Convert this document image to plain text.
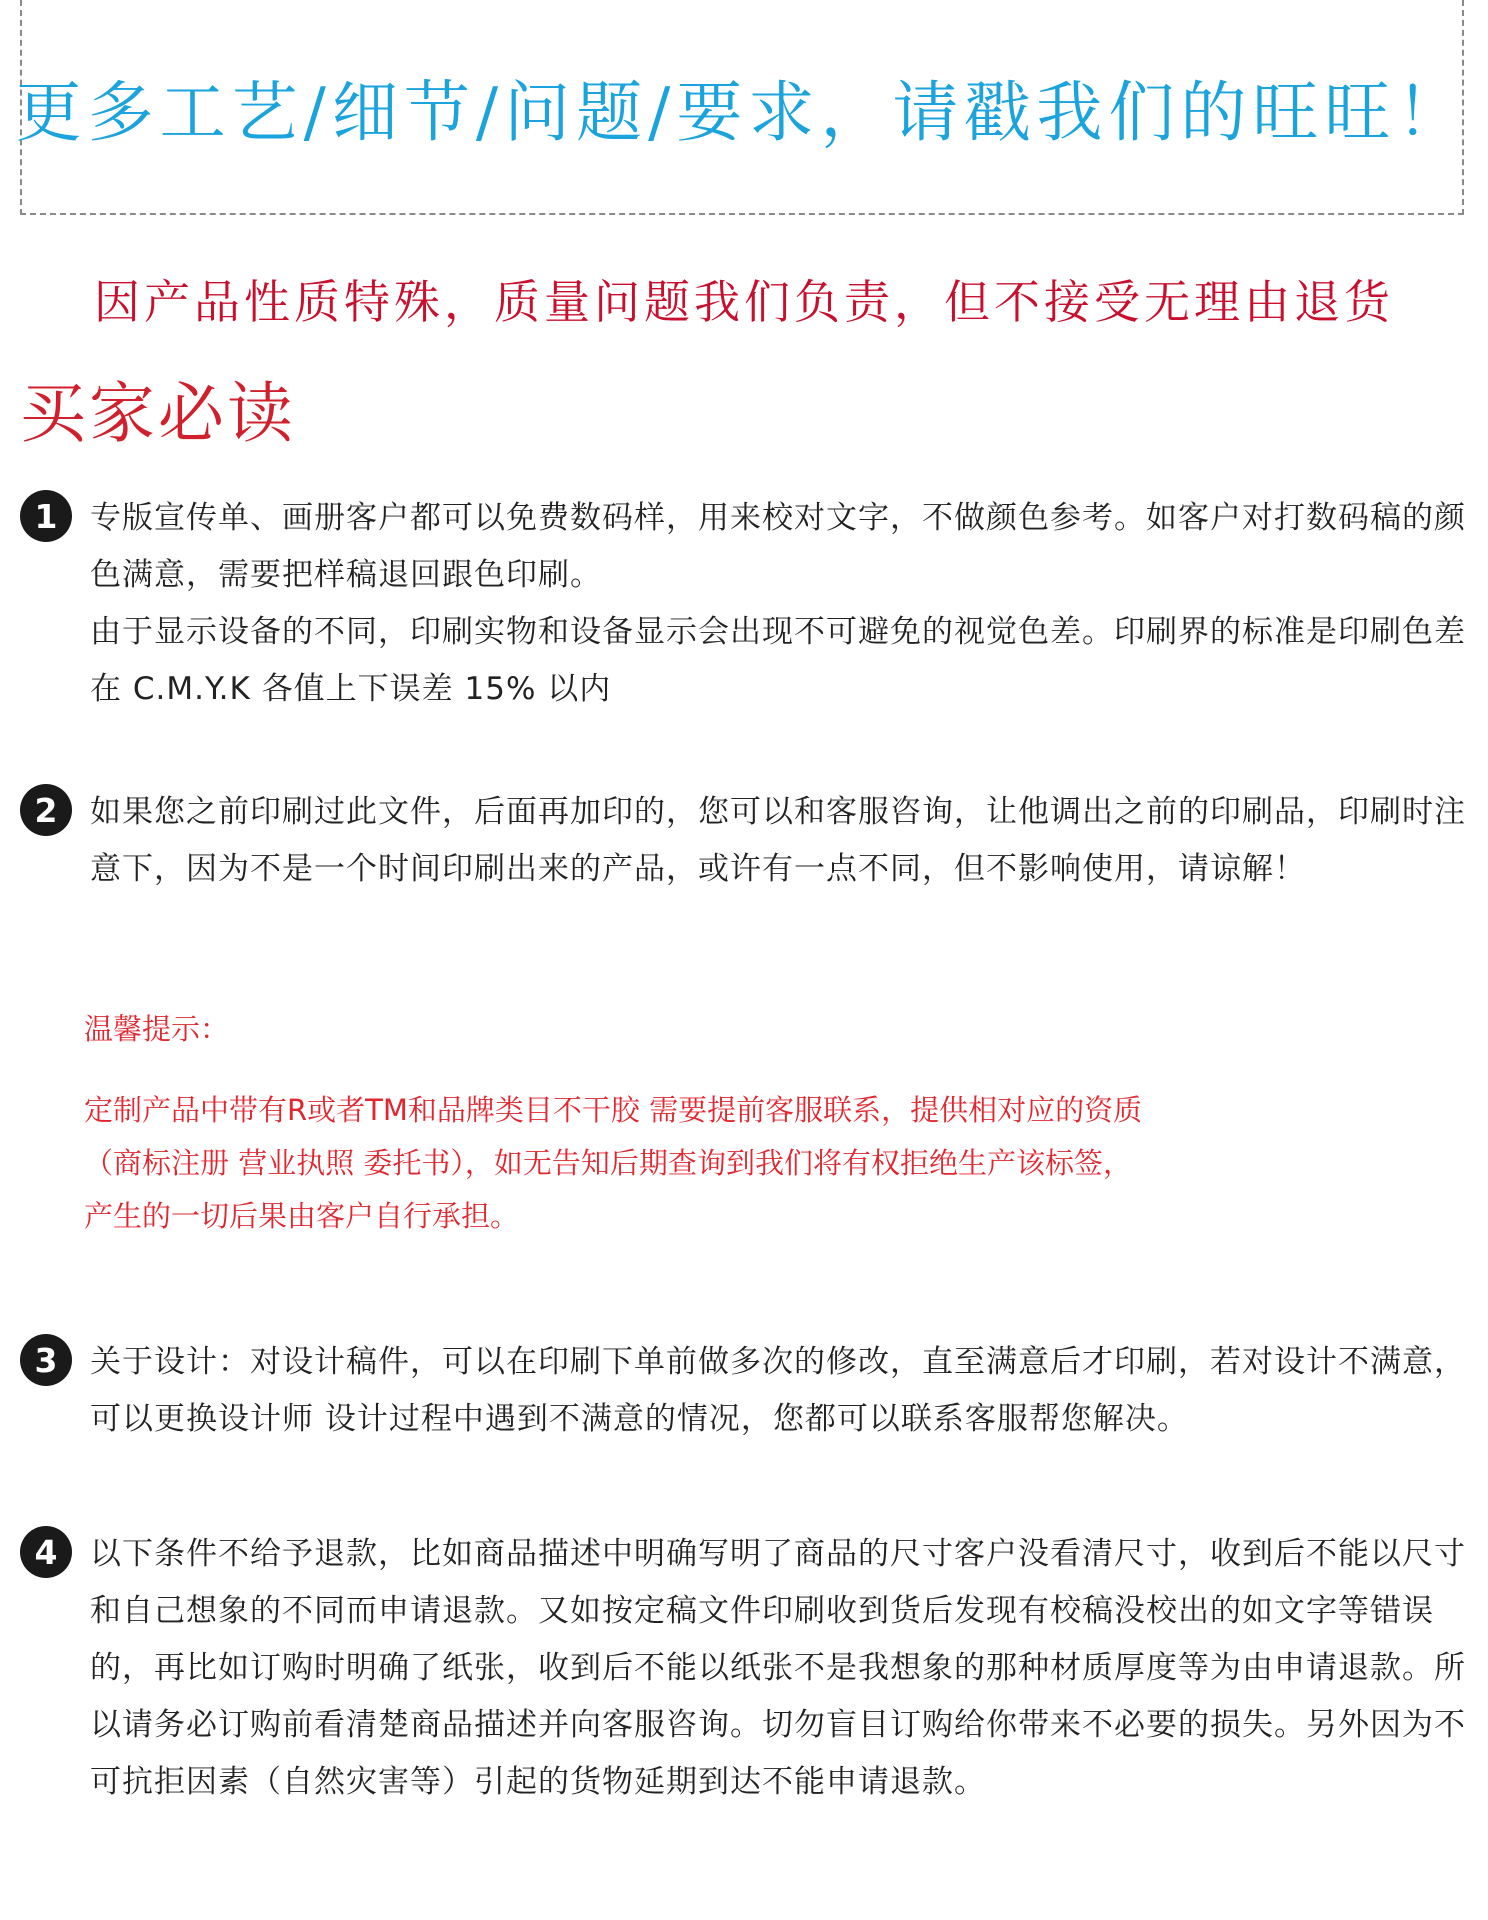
更多工艺/细节/问题/要求，请戳我们的旺旺！
因产品性质特殊，质量问题我们负责，但不接受无理由退货
买家必读
1	专版宣传单、画册客户都可以免费数码样，用来校对文字，不做颜色参考。如客户对打数码稿的颜色满意，需要把样稿退回跟色印刷。

由于显示设备的不同，印刷实物和设备显示会出现不可避免的视觉色差。印刷界的标准是印刷色差在 C.M.Y.K 各值上下误差 15% 以内

2	如果您之前印刷过此文件，后面再加印的，您可以和客服咨询，让他调出之前的印刷品，印刷时注意下，因为不是一个时间印刷出来的产品，或许有一点不同，但不影响使用，请谅解！

温馨提示：

定制产品中带有R或者TM和品牌类目不干胶 需要提前客服联系，提供相对应的资质

（商标注册 营业执照 委托书），如无告知后期查询到我们将有权拒绝生产该标签，

产生的一切后果由客户自行承担。

3	关于设计：对设计稿件，可以在印刷下单前做多次的修改，直至满意后才印刷，若对设计不满意，可以更换设计师 设计过程中遇到不满意的情况，您都可以联系客服帮您解决。

4	以下条件不给予退款，比如商品描述中明确写明了商品的尺寸客户没看清尺寸，收到后不能以尺寸和自己想象的不同而申请退款。又如按定稿文件印刷收到货后发现有校稿没校出的如文字等错误的，再比如订购时明确了纸张，收到后不能以纸张不是我想象的那种材质厚度等为由申请退款。所以请务必订购前看清楚商品描述并向客服咨询。切勿盲目订购给你带来不必要的损失。另外因为不可抗拒因素（自然灾害等）引起的货物延期到达不能申请退款。
